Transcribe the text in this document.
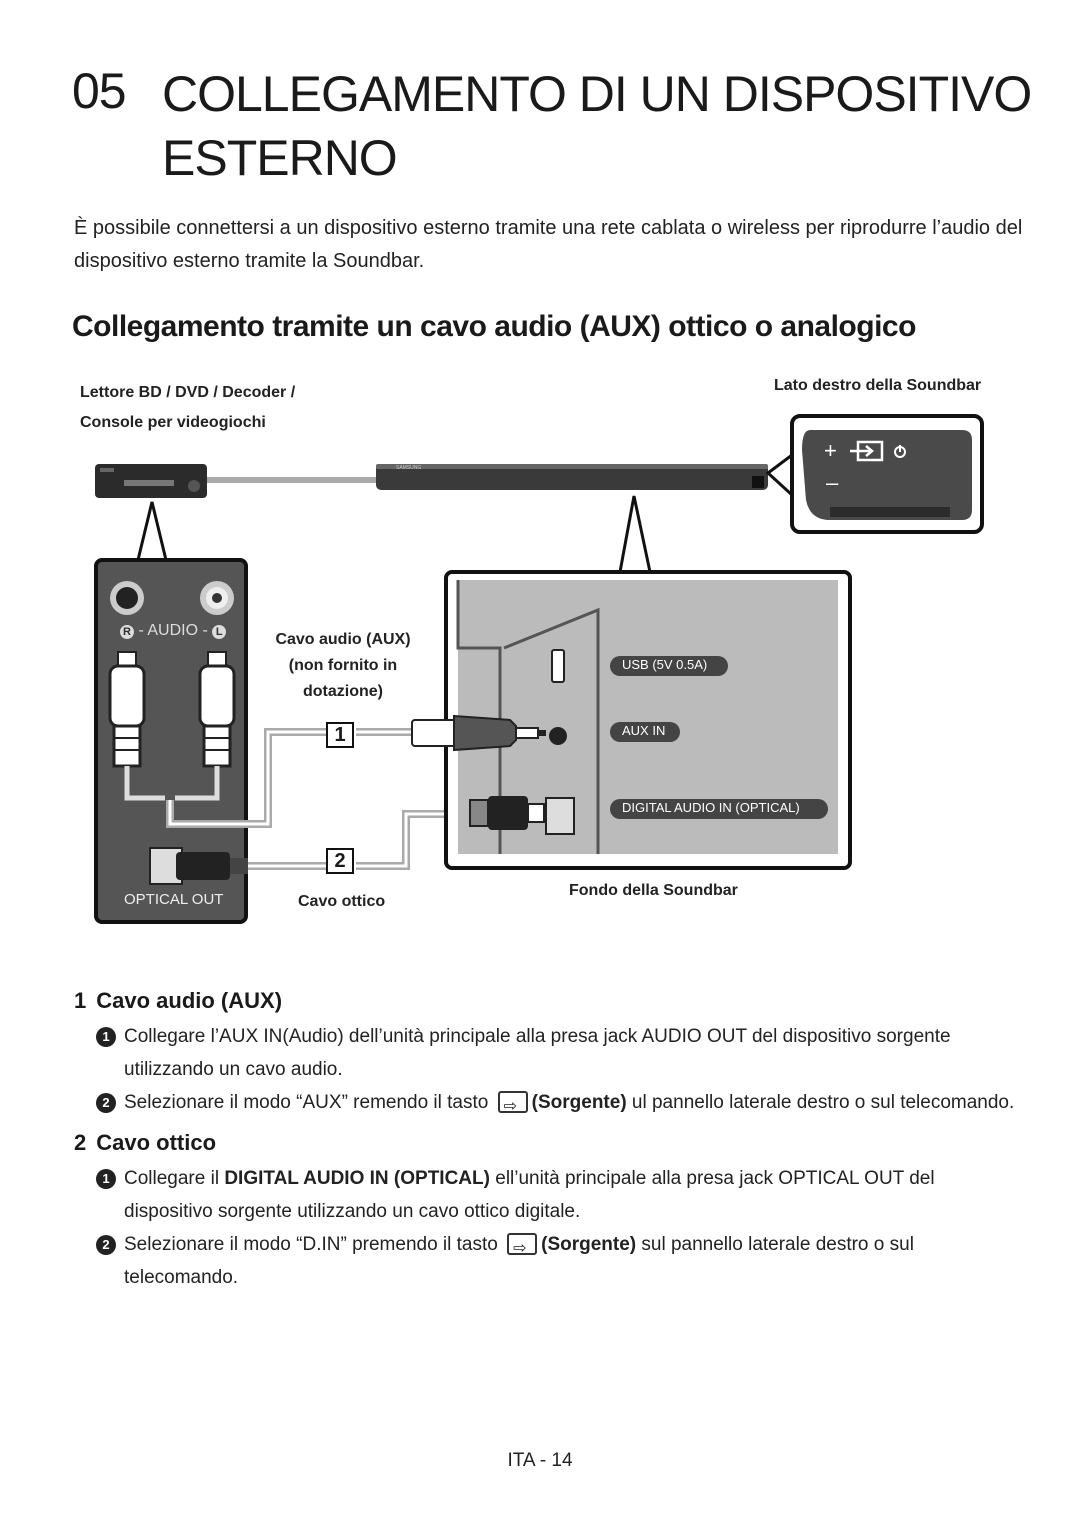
05 COLLEGAMENTO DI UN DISPOSITIVO
ESTERNO
È possibile connettersi a un dispositivo esterno tramite una rete cablata o wireless per riprodurre l’audio del dispositivo esterno tramite la Soundbar.
Collegamento tramite un cavo audio (AUX) ottico o analogico
SAMSUNG
+
–
Lettore BD / DVD / Decoder /
Console per videogiochi
Lato destro della Soundbar
Cavo audio (AUX)
(non fornito in
dotazione)
Cavo ottico
Fondo della Soundbar
R - AUDIO - L
OPTICAL OUT
USB (5V 0.5A)
AUX IN
DIGITAL AUDIO IN (OPTICAL)
1
2
1 Cavo audio (AUX)
1 Collegare l’AUX IN(Audio) dell’unità principale alla presa jack AUDIO OUT del dispositivo sorgente utilizzando un cavo audio.
2 Selezionare il modo “AUX” remendo il tasto ⇨ (Sorgente) ul pannello laterale destro o sul telecomando.
2 Cavo ottico
1 Collegare il DIGITAL AUDIO IN (OPTICAL) ell’unità principale alla presa jack OPTICAL OUT del dispositivo sorgente utilizzando un cavo ottico digitale.
2 Selezionare il modo “D.IN” premendo il tasto ⇨ (Sorgente) sul pannello laterale destro o sul telecomando.
ITA - 14
